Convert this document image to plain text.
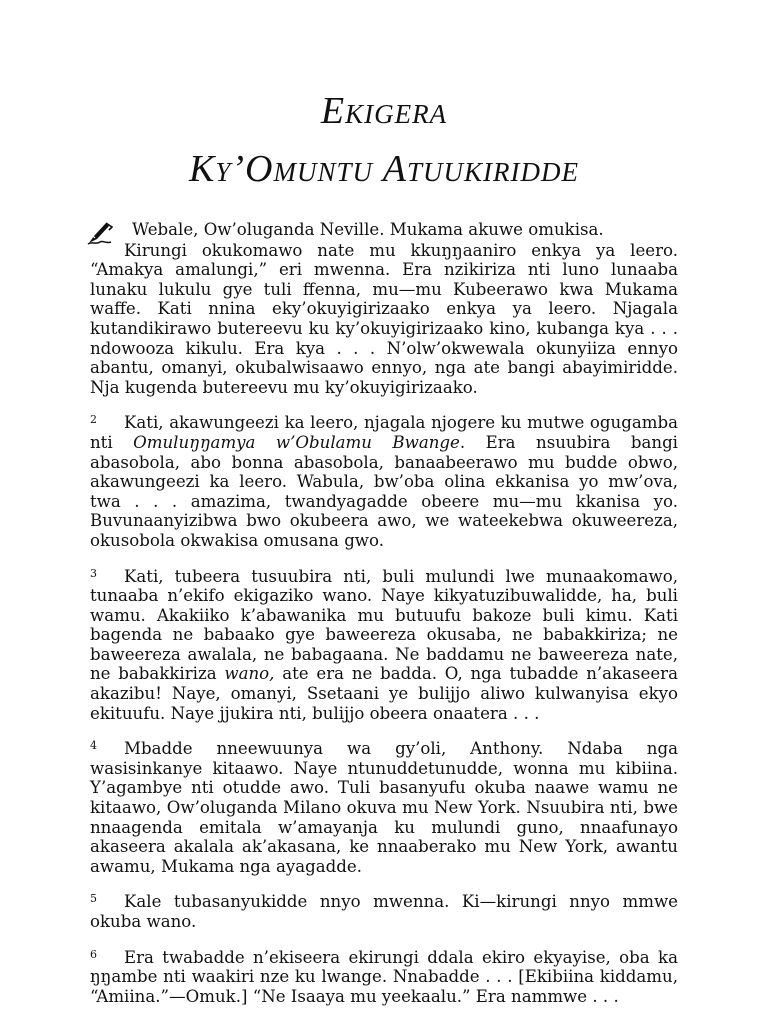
Ekigera
Ky’Omuntu Atuukiridde
Webale, Ow’oluganda Neville. Mukama akuwe omukisa.

Kirungi okukomawo nate mu kkuŋŋaaniro enkya ya leero. “Amakya amalungi,” eri mwenna. Era nzikiriza nti luno lunaaba lunaku lukulu gye tuli ffenna, mu—mu Kubeerawo kwa Mukama waffe. Kati nnina eky’okuyigirizaako enkya ya leero. Njagala kutandikirawo butereevu ku ky’okuyigirizaako kino, kubanga kya . . . ndowooza kikulu. Era kya . . . N’olw’okwewala okunyiiza ennyo abantu, omanyi, okubalwisaawo ennyo, nga ate bangi abayimiridde. Nja kugenda butereevu mu ky’okuyigirizaako.

2 Kati, akawungeezi ka leero, njagala njogere ku mutwe ogugamba nti Omuluŋŋamya w’Obulamu Bwange. Era nsuubira bangi abasobola, abo bonna abasobola, banaabeerawo mu budde obwo, akawungeezi ka leero. Wabula, bw’oba olina ekkanisa yo mw’ova, twa . . . amazima, twandyagadde obeere mu—mu kkanisa yo. Buvunaanyizibwa bwo okubeera awo, we wateekebwa okuweereza, okusobola okwakisa omusana gwo.

3 Kati, tubeera tusuubira nti, buli mulundi lwe munaakomawo, tunaaba n’ekifo ekigaziko wano. Naye kikyatuzibuwalidde, ha, buli wamu. Akakiiko k’abawanika mu butuufu bakoze buli kimu. Kati bagenda ne babaako gye baweereza okusaba, ne babakkiriza; ne baweereza awalala, ne babagaana. Ne baddamu ne baweereza nate, ne babakkiriza wano, ate era ne badda. O, nga tubadde n’akaseera akazibu! Naye, omanyi, Ssetaani ye bulijjo aliwo kulwanyisa ekyo ekituufu. Naye jjukira nti, bulijjo obeera onaatera . . .

4 Mbadde nneewuunya wa gy’oli, Anthony. Ndaba nga wasisinkanye kitaawo. Naye ntunuddetunudde, wonna mu kibiina. Y’agambye nti otudde awo. Tuli basanyufu okuba naawe wamu ne kitaawo, Ow’oluganda Milano okuva mu New York. Nsuubira nti, bwe nnaagenda emitala w’amayanja ku mulundi guno, nnaafunayo akaseera akalala ak’akasana, ke nnaaberako mu New York, awantu awamu, Mukama nga ayagadde.

5 Kale tubasanyukidde nnyo mwenna. Ki—kirungi nnyo mmwe okuba wano.

6 Era twabadde n’ekiseera ekirungi ddala ekiro ekyayise, oba ka ŋŋambe nti waakiri nze ku lwange. Nnabadde . . . [Ekibiina kiddamu, “Amiina.”—Omuk.] “Ne Isaaya mu yeekaalu.” Era nammwe . . .
